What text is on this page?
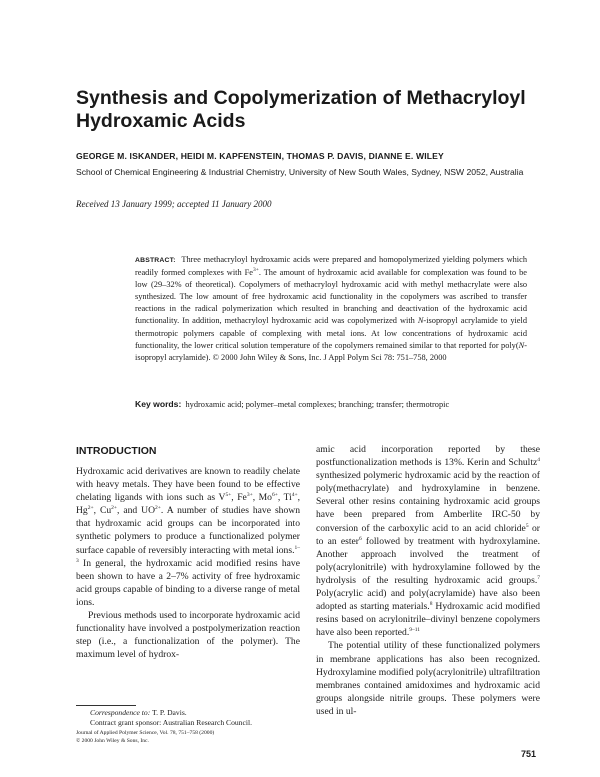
Synthesis and Copolymerization of Methacryloyl Hydroxamic Acids

GEORGE M. ISKANDER, HEIDI M. KAPFENSTEIN, THOMAS P. DAVIS, DIANNE E. WILEY

School of Chemical Engineering & Industrial Chemistry, University of New South Wales, Sydney, NSW 2052, Australia

Received 13 January 1999; accepted 11 January 2000

ABSTRACT: Three methacryloyl hydroxamic acids were prepared and homopolymerized yielding polymers which readily formed complexes with Fe$^{3+}$. The amount of hydroxamic acid available for complexation was found to be low (29–32% of theoretical). Copolymers of methacryloyl hydroxamic acid with methyl methacrylate were also synthesized. The low amount of free hydroxamic acid functionality in the copolymers was ascribed to transfer reactions in the radical polymerization which resulted in branching and deactivation of the hydroxamic acid functionality. In addition, methacryloyl hydroxamic acid was copolymerized with N-isopropyl acrylamide to yield thermotropic polymers capable of complexing with metal ions. At low concentrations of hydroxamic acid functionality, the lower critical solution temperature of the copolymers remained similar to that reported for poly(N-isopropyl acrylamide). © 2000 John Wiley & Sons, Inc. J Appl Polym Sci 78: 751–758, 2000

Key words: hydroxamic acid; polymer–metal complexes; branching; transfer; thermotropic

INTRODUCTION

Hydroxamic acid derivatives are known to readily chelate with heavy metals. They have been found to be effective chelating ligands with ions such as V$^{5+}$, Fe$^{3+}$, Mo$^{6+}$, Ti$^{4+}$, Hg$^{2+}$, Cu$^{2+}$, and UO$^{2+}$. A number of studies have shown that hydroxamic acid groups can be incorporated into synthetic polymers to produce a functionalized polymer surface capable of reversibly interacting with metal ions.$^{1-3}$ In general, the hydroxamic acid modified resins have been shown to have a 2–7% activity of free hydroxamic acid groups capable of binding to a diverse range of metal ions.

Previous methods used to incorporate hydroxamic acid functionality have involved a postpolymerization reaction step (i.e., a functionalization of the polymer). The maximum level of hydrox-

amic acid incorporation reported by these postfunctionalization methods is 13%. Kerin and Schultz$^4$ synthesized polymeric hydroxamic acid by the reaction of poly(methacrylate) and hydroxylamine in benzene. Several other resins containing hydroxamic acid groups have been prepared from Amberlite IRC-50 by conversion of the carboxylic acid to an acid chloride$^5$ or to an ester$^6$ followed by treatment with hydroxylamine. Another approach involved the treatment of poly(acrylonitrile) with hydroxylamine followed by the hydrolysis of the resulting hydroxamic acid groups.$^7$ Poly(acrylic acid) and poly(acrylamide) have also been adopted as starting materials.$^8$ Hydroxamic acid modified resins based on acrylonitrile–divinyl benzene copolymers have also been reported.$^{9-11}$

The potential utility of these functionalized polymers in membrane applications has also been recognized. Hydroxylamine modified poly(acrylonitrile) ultrafiltration membranes contained amidoximes and hydroxamic acid groups alongside nitrile groups. These polymers were used in ul-

Correspondence to: T. P. Davis.

Contract grant sponsor: Australian Research Council.

Journal of Applied Polymer Science, Vol. 78, 751–758 (2000)

© 2000 John Wiley & Sons, Inc.

751
